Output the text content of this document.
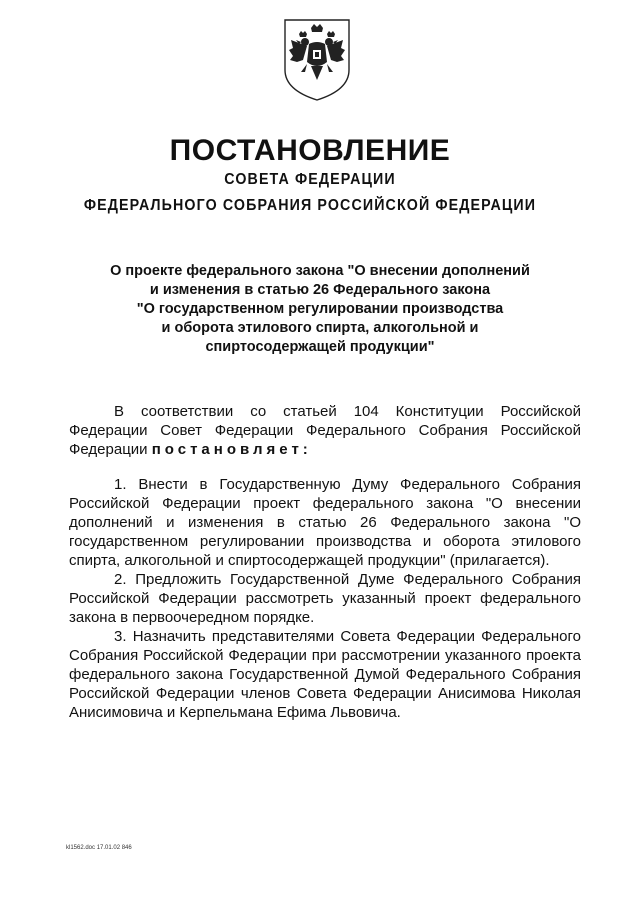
ПОСТАНОВЛЕНИЕ
СОВЕТА ФЕДЕРАЦИИ
ФЕДЕРАЛЬНОГО СОБРАНИЯ РОССИЙСКОЙ ФЕДЕРАЦИИ
О проекте федерального закона "О внесении дополнений
и изменения в статью 26 Федерального закона
"О государственном регулировании производства
и оборота этилового спирта, алкогольной и
спиртосодержащей продукции"

В соответствии со статьей 104 Конституции Российской Федерации Совет Федерации Федерального Собрания Российской Федерации постановляет:

1. Внести в Государственную Думу Федерального Собрания Российской Федерации проект федерального закона "О внесении дополнений и изменения в статью 26 Федерального закона "О государственном регулировании производства и оборота этилового спирта, алкогольной и спиртосодержащей продукции" (прилагается).

2. Предложить Государственной Думе Федерального Собрания Российской Федерации рассмотреть указанный проект федерального закона в первоочередном порядке.

3. Назначить представителями Совета Федерации Федерального Собрания Российской Федерации при рассмотрении указанного проекта федерального закона Государственной Думой Федерального Собрания Российской Федерации членов Совета Федерации Анисимова Николая Анисимовича и Керпельмана Ефима Львовича.

kl1562.doc 17.01.02 846
